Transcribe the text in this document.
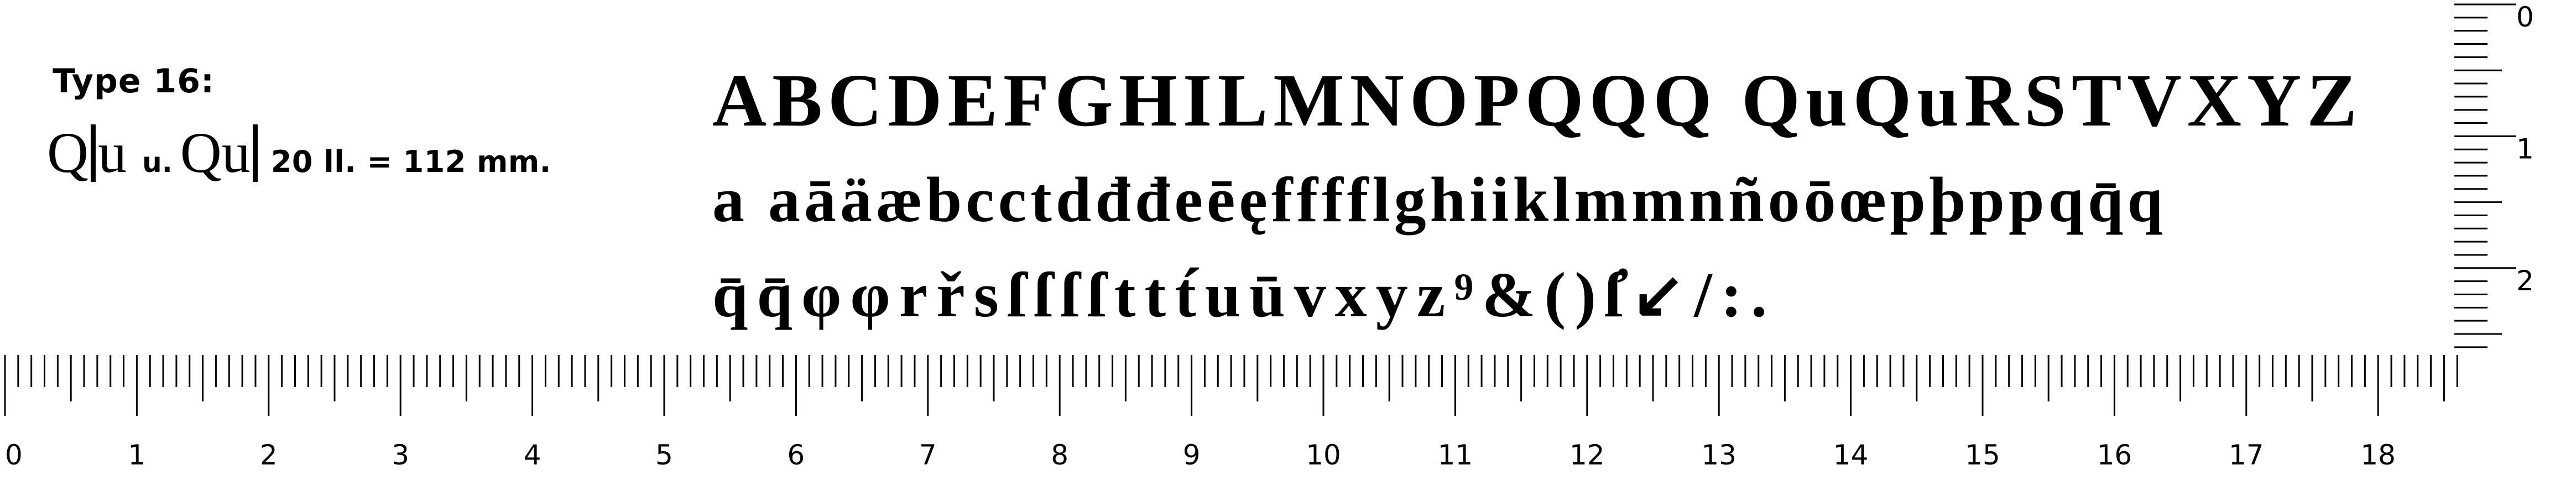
Type 16:
Q u u. Qu 20 ll. = 112 mm.
ABCDEFGHILMNOPQQQ QuQuRSTVXYZ
a aāäæbcctdđđeēęfffflghiiklmmnñoōœpþppqq̄q
q̄q̄φφrřsſſſſttt́uūvxyz⁹&()ſ̓↙/:.
0	1	2	3	4	5	6	7	8	9	10	11	12	13	14	15	16	17	18
0
1
2
